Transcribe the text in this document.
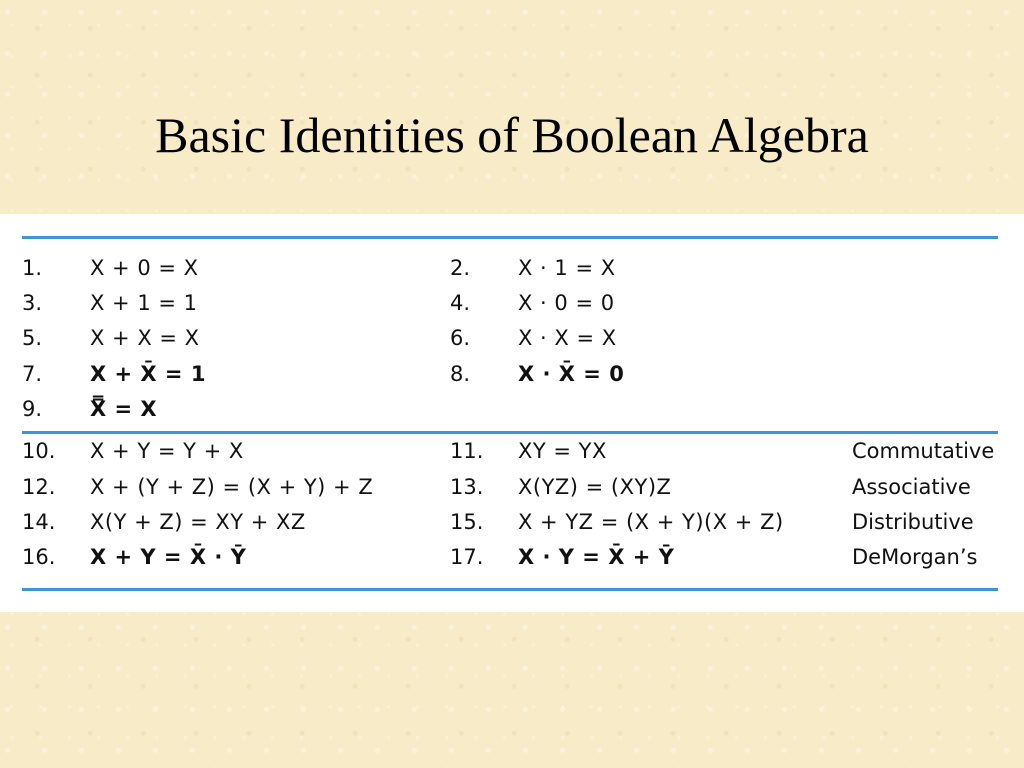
Basic Identities of Boolean Algebra
1.	X + 0 = X	2.	X · 1 = X
3.	X + 1 = 1	4.	X · 0 = 0
5.	X + X = X	6.	X · X = X
7.	X + X̄ = 1	8.	X · X̄ = 0
9.	X̿ = X
10.	X + Y = Y + X	11.	XY = YX	Commutative
12.	X + (Y + Z) = (X + Y) + Z	13.	X(YZ) = (XY)Z	Associative
14.	X(Y + Z) = XY + XZ	15.	X + YZ = (X + Y)(X + Z)	Distributive
16.	X + Y = X̄ · Ȳ	17.	X · Y = X̄ + Ȳ	DeMorgan’s
